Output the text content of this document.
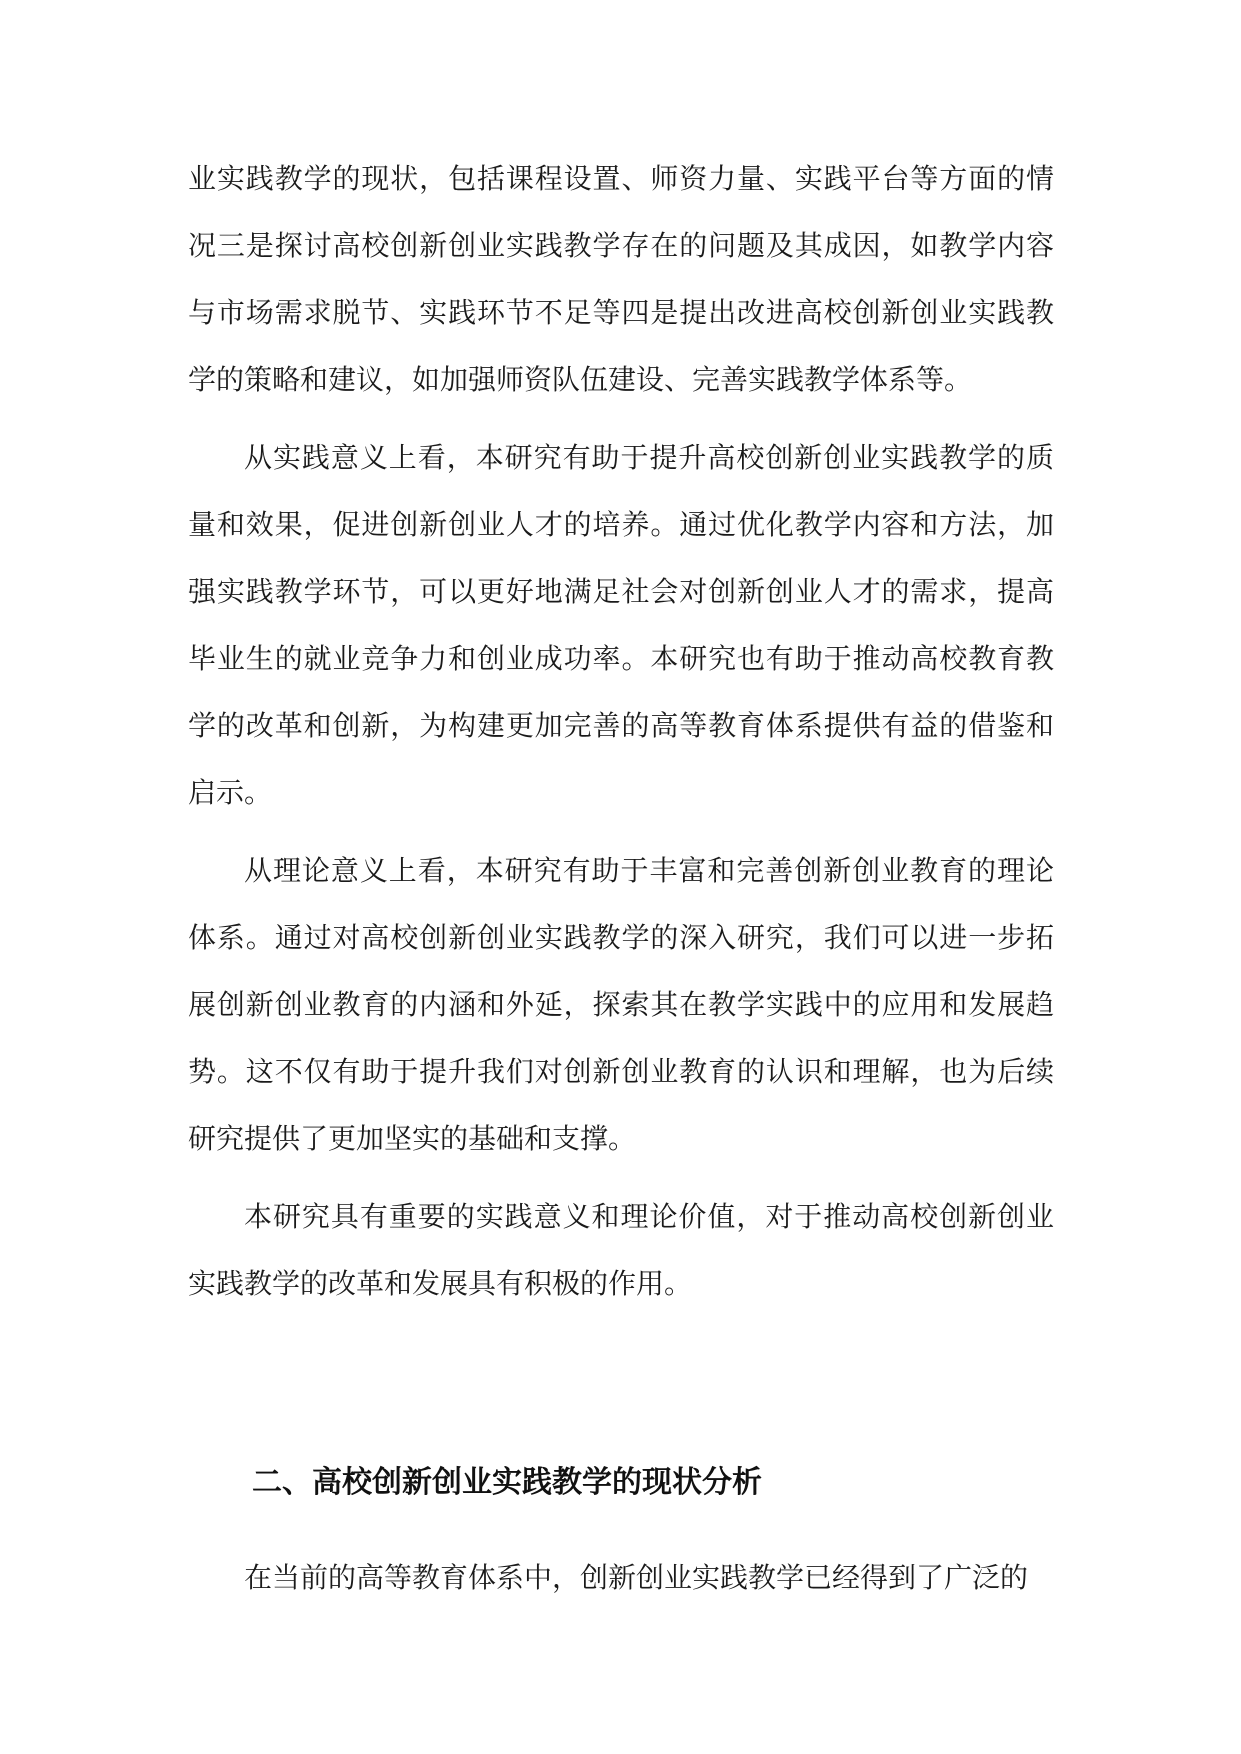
业实践教学的现状，包括课程设置、师资力量、实践平台等方面的情况三是探讨高校创新创业实践教学存在的问题及其成因，如教学内容与市场需求脱节、实践环节不足等四是提出改进高校创新创业实践教学的策略和建议，如加强师资队伍建设、完善实践教学体系等。

从实践意义上看，本研究有助于提升高校创新创业实践教学的质量和效果，促进创新创业人才的培养。通过优化教学内容和方法，加强实践教学环节，可以更好地满足社会对创新创业人才的需求，提高毕业生的就业竞争力和创业成功率。本研究也有助于推动高校教育教学的改革和创新，为构建更加完善的高等教育体系提供有益的借鉴和启示。

从理论意义上看，本研究有助于丰富和完善创新创业教育的理论体系。通过对高校创新创业实践教学的深入研究，我们可以进一步拓展创新创业教育的内涵和外延，探索其在教学实践中的应用和发展趋势。这不仅有助于提升我们对创新创业教育的认识和理解，也为后续研究提供了更加坚实的基础和支撑。

本研究具有重要的实践意义和理论价值，对于推动高校创新创业实践教学的改革和发展具有积极的作用。

二、高校创新创业实践教学的现状分析

在当前的高等教育体系中，创新创业实践教学已经得到了广泛的
